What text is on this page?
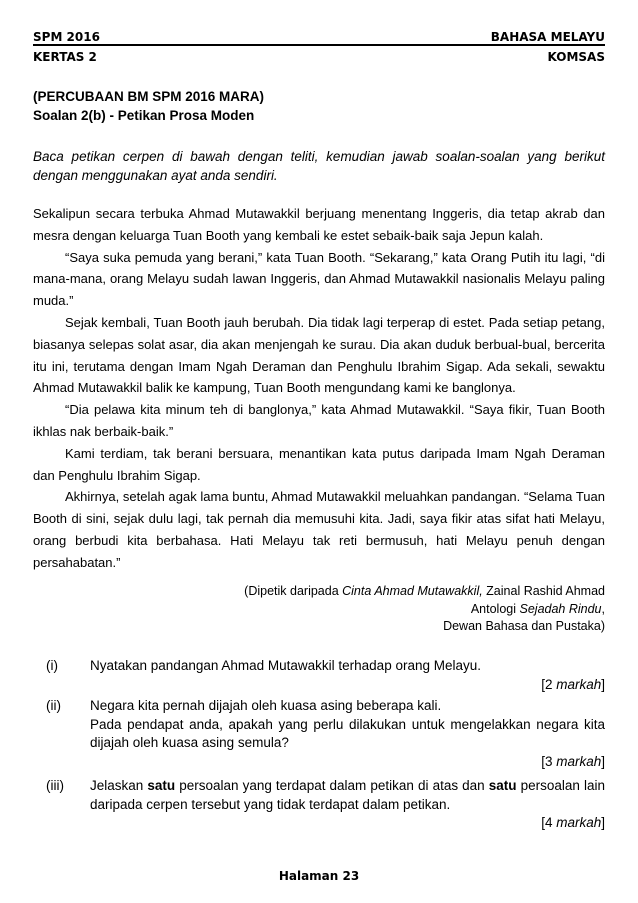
SPM 2016	BAHASA MELAYU
KERTAS 2	KOMSAS
(PERCUBAAN BM SPM 2016 MARA)
Soalan 2(b) - Petikan Prosa Moden
Baca petikan cerpen di bawah dengan teliti, kemudian jawab soalan-soalan yang berikut dengan menggunakan ayat anda sendiri.

Sekalipun secara terbuka Ahmad Mutawakkil berjuang menentang Inggeris, dia tetap akrab dan mesra dengan keluarga Tuan Booth yang kembali ke estet sebaik-baik saja Jepun kalah.

“Saya suka pemuda yang berani,” kata Tuan Booth. “Sekarang,” kata Orang Putih itu lagi, “di mana-mana, orang Melayu sudah lawan Inggeris, dan Ahmad Mutawakkil nasionalis Melayu paling muda.”

Sejak kembali, Tuan Booth jauh berubah. Dia tidak lagi terperap di estet. Pada setiap petang, biasanya selepas solat asar, dia akan menjengah ke surau. Dia akan duduk berbual-bual, bercerita itu ini, terutama dengan Imam Ngah Deraman dan Penghulu Ibrahim Sigap. Ada sekali, sewaktu Ahmad Mutawakkil balik ke kampung, Tuan Booth mengundang kami ke banglonya.

“Dia pelawa kita minum teh di banglonya,” kata Ahmad Mutawakkil. “Saya fikir, Tuan Booth ikhlas nak berbaik-baik.”

Kami terdiam, tak berani bersuara, menantikan kata putus daripada Imam Ngah Deraman dan Penghulu Ibrahim Sigap.

Akhirnya, setelah agak lama buntu, Ahmad Mutawakkil meluahkan pandangan. “Selama Tuan Booth di sini, sejak dulu lagi, tak pernah dia memusuhi kita. Jadi, saya fikir atas sifat hati Melayu, orang berbudi kita berbahasa. Hati Melayu tak reti bermusuh, hati Melayu penuh dengan persahabatan.”

(Dipetik daripada Cinta Ahmad Mutawakkil, Zainal Rashid Ahmad
Antologi Sejadah Rindu,
Dewan Bahasa dan Pustaka)
(i)	Nyatakan pandangan Ahmad Mutawakkil terhadap orang Melayu.
[2 markah]
(ii)	Negara kita pernah dijajah oleh kuasa asing beberapa kali.
Pada pendapat anda, apakah yang perlu dilakukan untuk mengelakkan negara kita dijajah oleh kuasa asing semula?
[3 markah]
(iii)	Jelaskan satu persoalan yang terdapat dalam petikan di atas dan satu persoalan lain daripada cerpen tersebut yang tidak terdapat dalam petikan.
[4 markah]
Halaman 23
